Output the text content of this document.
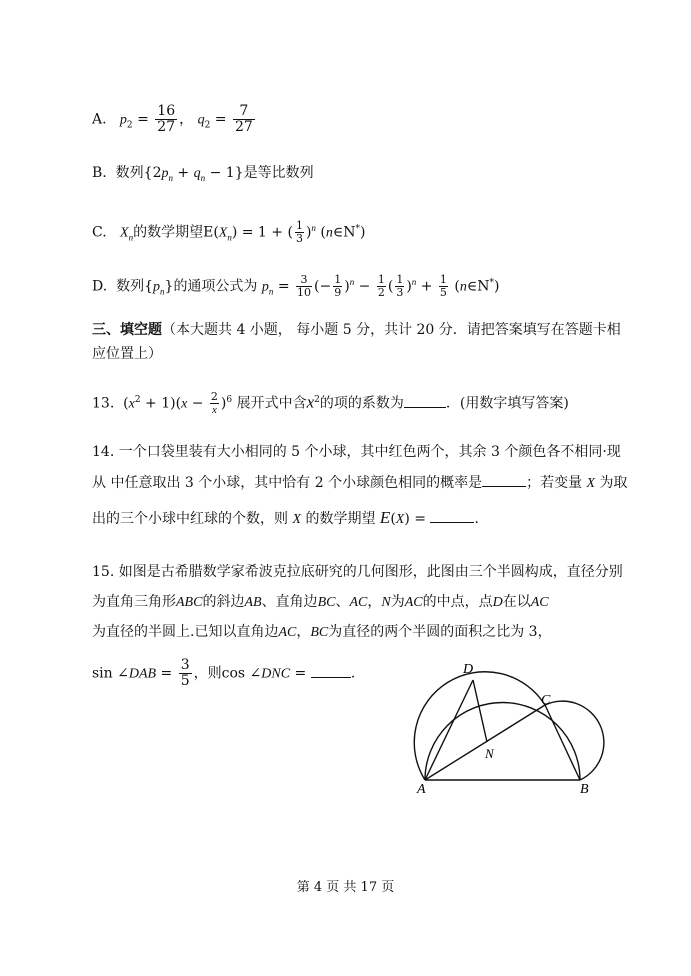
A. $p_2 = \frac{16}{27}$ ， $q_2 = \frac{7}{27}$
B. 数列$\{2p_n + q_n - 1\}$是等比数列
C. $X_n$的数学期望$E(X_n) = 1$ + ( $\frac{1}{3} )^n$ (n∈N*)
D. 数列$\{p_n\}$的通项公式为 $p_n = \frac{3}{10}$ (− $\frac{1}{9} )^n - \frac{1}{2}$ ( $\frac{1}{3} )^n + \frac{1}{5}$ (n∈N*)
三、填空题（本大题共 4 小题， 每小题 5 分，共计 20 分．请把答案填写在答题卡相
应位置上）
13.  $(x^2 + 1)(x - \frac{2}{x} )^6$ 展开式中含$x^2$的项的系数为	．(用数字填写答案)
14. 一个口袋里装有大小相同的 5 个小球，其中红色两个，其余 3 个颜色各不相同·现
从 中任意取出 3 个小球，其中恰有 2 个小球颜色相同的概率是	；若变量 X 为取
出的三个小球中红球的个数，则 X 的数学期望 E(X) =	.
15. 如图是古希腊数学家希波克拉底研究的几何图形，此图由三个半圆构成，直径分别
为直角三角形ABC的斜边AB、直角边BC、AC，N为AC的中点，点D在以AC
为直径的半圆上.已知以直角边AC，BC为直径的两个半圆的面积之比为 3，
sin ∠DAB = $\frac{3}{5}$ ，则cos ∠DNC =	.
A	B
C
D
N
第 4 页 共 17 页
